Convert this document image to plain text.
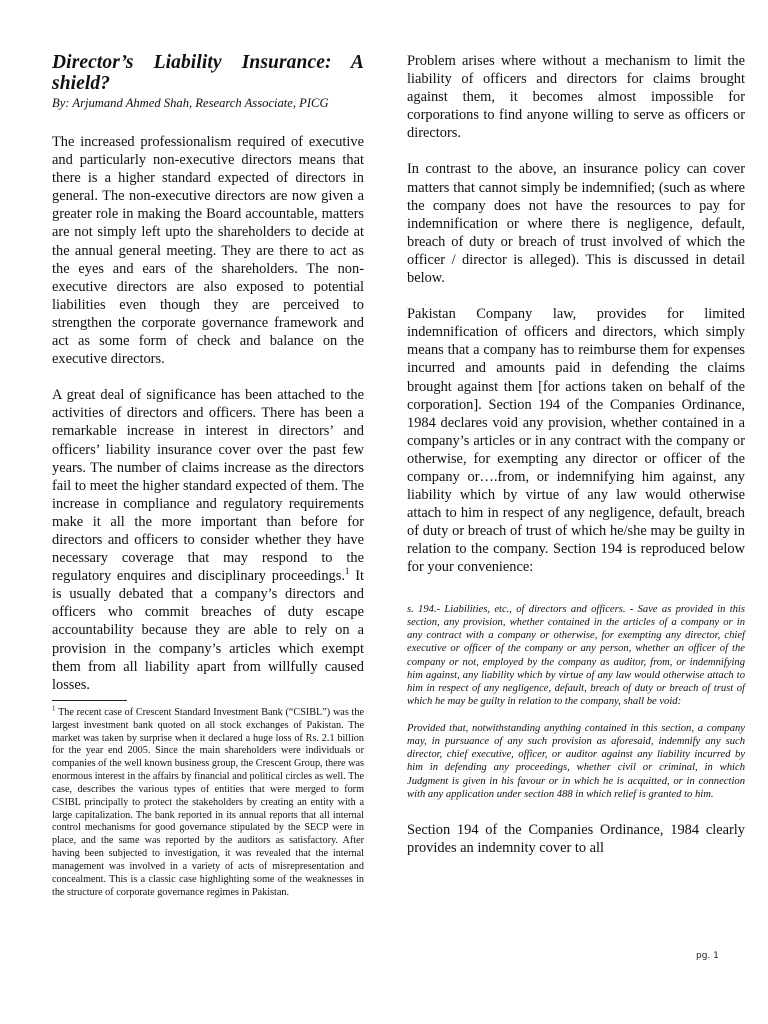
Director’s Liability Insurance: A shield?
By: Arjumand Ahmed Shah, Research Associate, PICG

The increased professionalism required of executive and particularly non-executive directors means that there is a higher standard expected of directors in general. The non-executive directors are now given a greater role in making the Board accountable, matters are not simply left upto the shareholders to decide at the annual general meeting. They are there to act as the eyes and ears of the shareholders. The non-executive directors are also exposed to potential liabilities even though they are perceived to strengthen the corporate governance framework and act as some form of check and balance on the executive directors.

A great deal of significance has been attached to the activities of directors and officers. There has been a remarkable increase in interest in directors’ and officers’ liability insurance cover over the past few years. The number of claims increase as the directors fail to meet the higher standard expected of them. The increase in compliance and regulatory requirements make it all the more important than before for directors and officers to consider whether they have necessary coverage that may respond to the regulatory enquires and disciplinary proceedings.$^1$ It is usually debated that a company’s directors and officers who commit breaches of duty escape accountability because they are able to rely on a provision in the company’s articles which exempt them from all liability apart from willfully caused losses.

$^1$ The recent case of Crescent Standard Investment Bank (“CSIBL”) was the largest investment bank quoted on all stock exchanges of Pakistan. The market was taken by surprise when it declared a huge loss of Rs. 2.1 billion for the year end 2005. Since the main shareholders were individuals or companies of the well known business group, the Crescent Group, there was enormous interest in the affairs by financial and political circles as well. The case, describes the various types of entities that were merged to form CSIBL principally to protect the stakeholders by creating an entity with a large capitalization. The bank reported in its annual reports that all internal control mechanisms for good governance stipulated by the SECP were in place, and the same was reported by the auditors as satisfactory. After having been subjected to investigation, it was revealed that the internal management was involved in a variety of acts of misrepresentation and concealment. This is a classic case highlighting some of the weaknesses in the structure of corporate governance regimes in Pakistan.

Problem arises where without a mechanism to limit the liability of officers and directors for claims brought against them, it becomes almost impossible for corporations to find anyone willing to serve as officers or directors.

In contrast to the above, an insurance policy can cover matters that cannot simply be indemnified; (such as where the company does not have the resources to pay for indemnification or where there is negligence, default, breach of duty or breach of trust involved of which the officer / director is alleged). This is discussed in detail below.

Pakistan Company law, provides for limited indemnification of officers and directors, which simply means that a company has to reimburse them for expenses incurred and amounts paid in defending the claims brought against them [for actions taken on behalf of the corporation]. Section 194 of the Companies Ordinance, 1984 declares void any provision, whether contained in a company’s articles or in any contract with the company or otherwise, for exempting any director or officer of the company or….from, or indemnifying him against, any liability which by virtue of any law would otherwise attach to him in respect of any negligence, default, breach of duty or breach of trust of which he/she may be guilty in relation to the company. Section 194 is reproduced below for your convenience:

s. 194.- Liabilities, etc., of directors and officers. - Save as provided in this section, any provision, whether contained in the articles of a company or in any contract with a company or otherwise, for exempting any director, chief executive or officer of the company or any person, whether an officer of the company or not, employed by the company as auditor, from, or indemnifying him against, any liability which by virtue of any law would otherwise attach to him in respect of any negligence, default, breach of duty or breach of trust of which he may be guilty in relation to the company, shall be void:

Provided that, notwithstanding anything contained in this section, a company may, in pursuance of any such provision as aforesaid, indemnify any such director, chief executive, officer, or auditor against any liability incurred by him in defending any proceedings, whether civil or criminal, in which Judgment is given in his favour or in which he is acquitted, or in connection with any application under section 488 in which relief is granted to him.

Section 194 of the Companies Ordinance, 1984 clearly provides an indemnity cover to all

pg. 1
